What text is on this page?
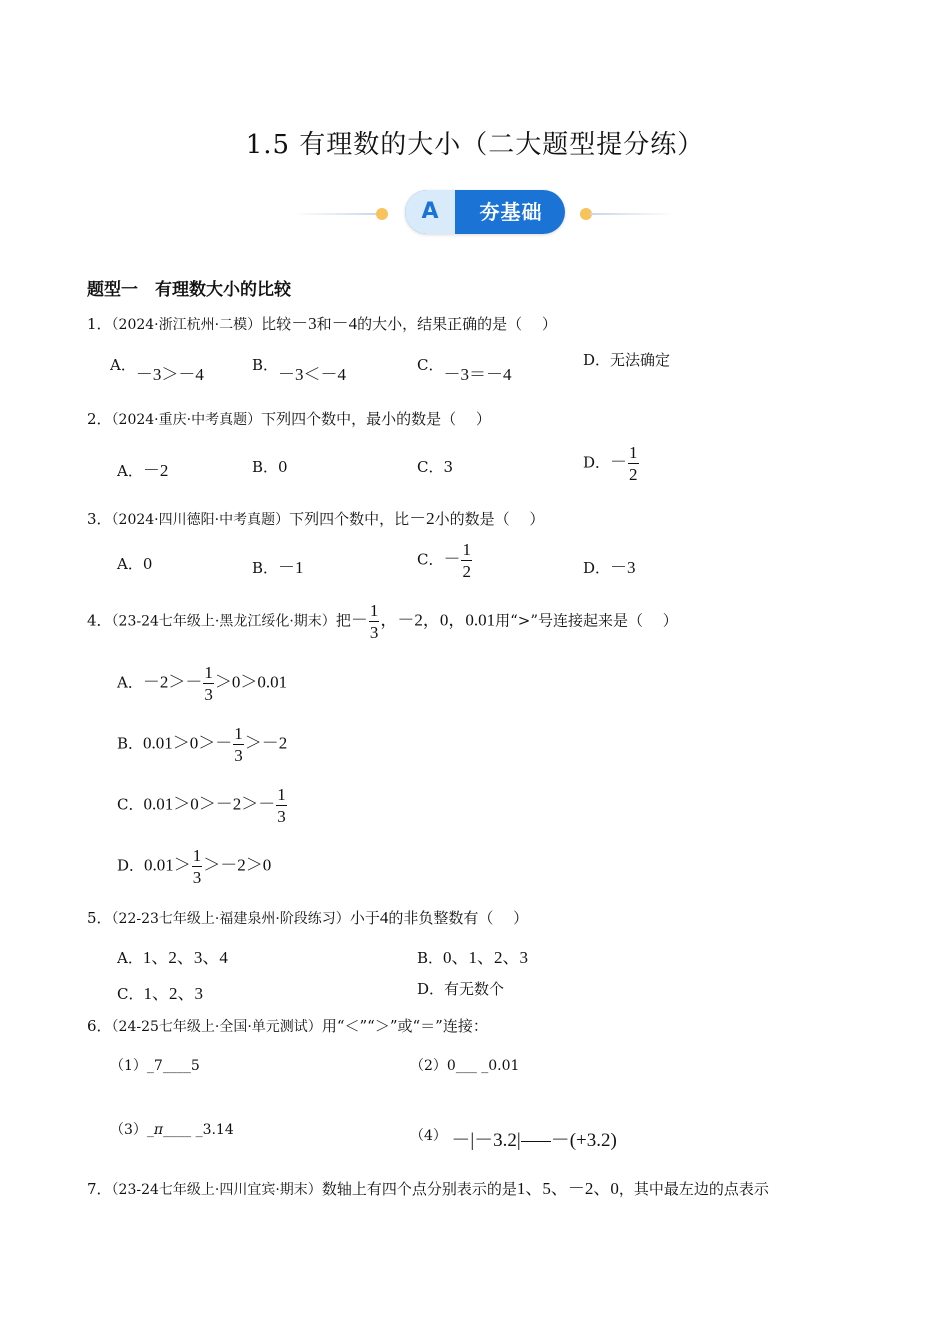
1.5 有理数的大小（二大题型提分练）
A	夯基础
题型一　有理数大小的比较
1．（2024·浙江杭州·二模）比较－3和－4的大小，结果正确的是（　 ）
A．－3＞－4	B．－3＜－4	C．－3＝－4
D．无法确定
2．（2024·重庆·中考真题）下列四个数中，最小的数是（　 ）
A．－2	B．0	C．3	D．－ $\frac{1}{2}$
3．（2024·四川德阳·中考真题）下列四个数中，比－2小的数是（　 ）
A．0	B．－1	C．－ $\frac{1}{2}$	D．－3
4．（23-24七年级上·黑龙江绥化·期末）把－ $\frac{1}{3}$ ，－2，0，0.01用“>”号连接起来是（　 ）
A．$-2>- \frac{1}{3} >0>0.01$
B．$0.01>0>- \frac{1}{3} >-2$
C．$0.01>0>-2>- \frac{1}{3}$
D．$0.01> \frac{1}{3} >-2>0$
5．（22-23七年级上·福建泉州·阶段练习）小于4的非负整数有（　 ）
A．1、2、3、4	B．0、1、2、3
C．1、2、3	D．有无数个
6．（24-25七年级上·全国·单元测试）用“＜”“＞”或“＝”连接：
（1）_7____5	（2）0___ _0.01
（3）_π____ _3.14	（4） －|－3.2| －(+3.2)
7．（23-24七年级上·四川宜宾·期末）数轴上有四个点分别表示的是1、5、－2、0，其中最左边的点表示
